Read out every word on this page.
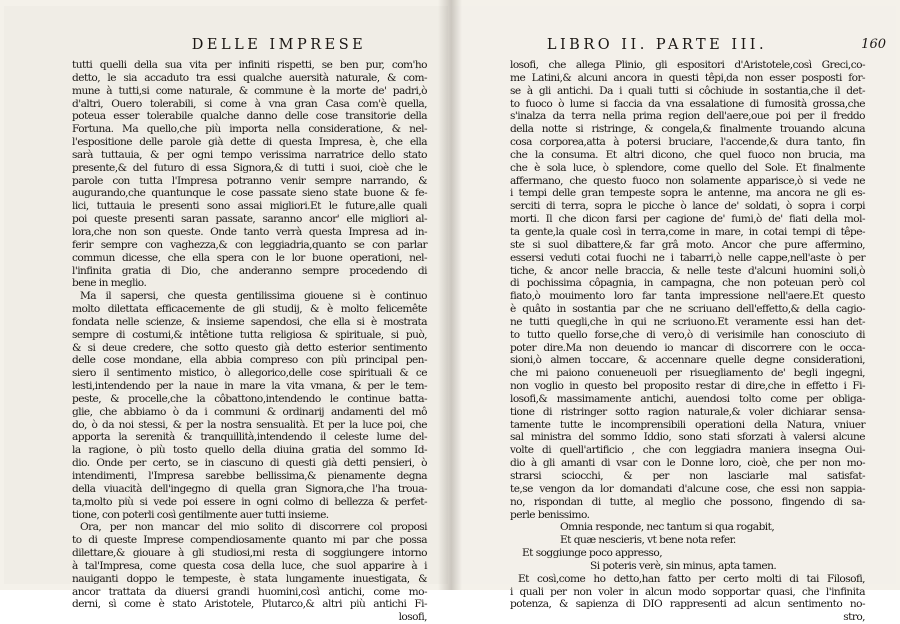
DELLE IMPRESE
tutti quelli della sua vita per infiniti rispetti, se ben pur, com'ho
detto, le sia accaduto tra essi qualche auersità naturale, & com-
mune à tutti,si come naturale, & commune è la morte de' padri,ò
d'altri, Ouero tolerabili, si come à vna gran Casa com'è quella,
poteua esser tolerabile qualche danno delle cose transitorie della
Fortuna. Ma quello,che più importa nella consideratione, & nel-
l'espositione delle parole già dette di questa Impresa, è, che ella
sarà tuttauia, & per ogni tempo verissima narratrice dello stato
presente,& del futuro di essa Signora,& di tutti i suoi, cioè che le
parole con tutta l'Impresa potranno venir sempre narrando, &
augurando,che quantunque le cose passate sieno state buone & fe-
lici, tuttauia le presenti sono assai migliori.Et le future,alle quali
poi queste presenti saran passate, saranno ancor' elle migliori al-
lora,che non son queste. Onde tanto verrà questa Impresa ad in-
ferir sempre con vaghezza,& con leggiadria,quanto se con parlar
commun dicesse, che ella spera con le lor buone operationi, nel-
l'infinita gratia di Dio, che anderanno sempre procedendo di
bene in meglio.
Ma il sapersi, che questa gentilissima giouene si è continuo
molto dilettata efficacemente de gli studij, & è molto felicemête
fondata nelle scienze, & insieme sapendosi, che ella si è mostrata
sempre di costumi,& intêtione tutta religiosa & spirituale, si può,
& si deue credere, che sotto questo già detto esterior sentimento
delle cose mondane, ella abbia compreso con più principal pen-
siero il sentimento mistico, ò allegorico,delle cose spirituali & ce
lesti,intendendo per la naue in mare la vita vmana, & per le tem-
peste, & procelle,che la côbattono,intendendo le continue batta-
glie, che abbiamo ò da i communi & ordinarij andamenti del mô
do, ò da noi stessi, & per la nostra sensualità. Et per la luce poi, che
apporta la serenità & tranquillità,intendendo il celeste lume del-
la ragione, ò più tosto quello della diuina gratia del sommo Id-
dio. Onde per certo, se in ciascuno di questi già detti pensieri, ò
intendimenti, l'Impresa sarebbe bellissima,& pienamente degna
della viuacità dell'ingegno di quella gran Signora,che l'ha troua-
ta,molto più si vede poi essere in ogni colmo di bellezza & perfet-
tione, con poterli così gentilmente auer tutti insieme.
Ora, per non mancar del mio solito di discorrere col proposi
to di queste Imprese compendiosamente quanto mi par che possa
dilettare,& giouare à gli studiosi,mi resta di soggiungere intorno
à tal'Impresa, come questa cosa della luce, che suol apparire à i
nauiganti doppo le tempeste, è stata lungamente inuestigata, &
ancor trattata da diuersi grandi huomini,così antichi, come mo-
derni, sì come è stato Aristotele, Plutarco,& altri più antichi Fi-
losofi,
LIBRO II. PARTE III.	160
losofi, che allega Plinio, gli espositori d'Aristotele,così Greci,co-
me Latini,& alcuni ancora in questi têpi,da non esser posposti for-
se à gli antichi. Da i quali tutti si côchiude in sostantia,che il det-
to fuoco ò lume si faccia da vna essalatione di fumosità grossa,che
s'inalza da terra nella prima region dell'aere,oue poi per il freddo
della notte si ristringe, & congela,& finalmente trouando alcuna
cosa corporea,atta à potersi bruciare, l'accende,& dura tanto, fin
che la consuma. Et altri dicono, che quel fuoco non brucia, ma
che è sola luce, ò splendore, come quello del Sole. Et finalmente
affermano, che questo fuoco non solamente apparisce,ò si vede ne
i tempi delle gran tempeste sopra le antenne, ma ancora ne gli es-
serciti di terra, sopra le picche ò lance de' soldati, ò sopra i corpi
morti. Il che dicon farsi per cagione de' fumi,ò de' fiati della mol-
ta gente,la quale così in terra,come in mare, in cotai tempi di têpe-
ste si suol dibattere,& far grâ moto. Ancor che pure affermino,
essersi veduti cotai fuochi ne i tabarri,ò nelle cappe,nell'aste ò per
tiche, & ancor nelle braccia, & nelle teste d'alcuni huomini soli,ò
di pochissima côpagnia, in campagna, che non poteuan però col
fiato,ò mouimento loro far tanta impressione nell'aere.Et questo
è quâto in sostantia par che ne scriuano dell'effetto,& della cagio-
ne tutti quegli,che ìn qui ne scriuono.Et veramente essi han det-
to tutto quello forse,che di vero,ò di verisimile han conosciuto di
poter dire.Ma non deuendo io mancar di discorrere con le occa-
sioni,ò almen toccare, & accennare quelle degne considerationi,
che mi paiono conueneuoli per risuegliamento de' begli ingegni,
non voglio in questo bel proposito restar di dire,che in effetto i Fi-
losofi,& massimamente antichi, auendosi tolto come per obliga-
tione di ristringer sotto ragion naturale,& voler dichiarar sensa-
tamente tutte le incomprensibili operationi della Natura, vniuer
sal ministra del sommo Iddio, sono stati sforzati à valersi alcune
volte di quell'artificio , che con leggiadra maniera insegna Oui-
dio à gli amanti di vsar con le Donne loro, cioè, che per non mo-
strarsi sciocchi, & per non lasciarle mal satisfat-
te,se vengon da lor domandati d'alcune cose, che essi non sappia-
no, rispondan di tutte, al meglio che possono, fingendo di sa-
perle benissimo.
Omnia responde, nec tantum si qua rogabit,
Et quæ nescieris, vt bene nota refer.
Et soggiunge poco appresso,
Si poteris verè, sin minus, apta tamen.
Et così,come ho detto,han fatto per certo molti di tai Filosofi,
i quali per non voler in alcun modo sopportar quasi, che l'infinita
potenza, & sapienza di DIO rappresenti ad alcun sentimento no-
stro,
